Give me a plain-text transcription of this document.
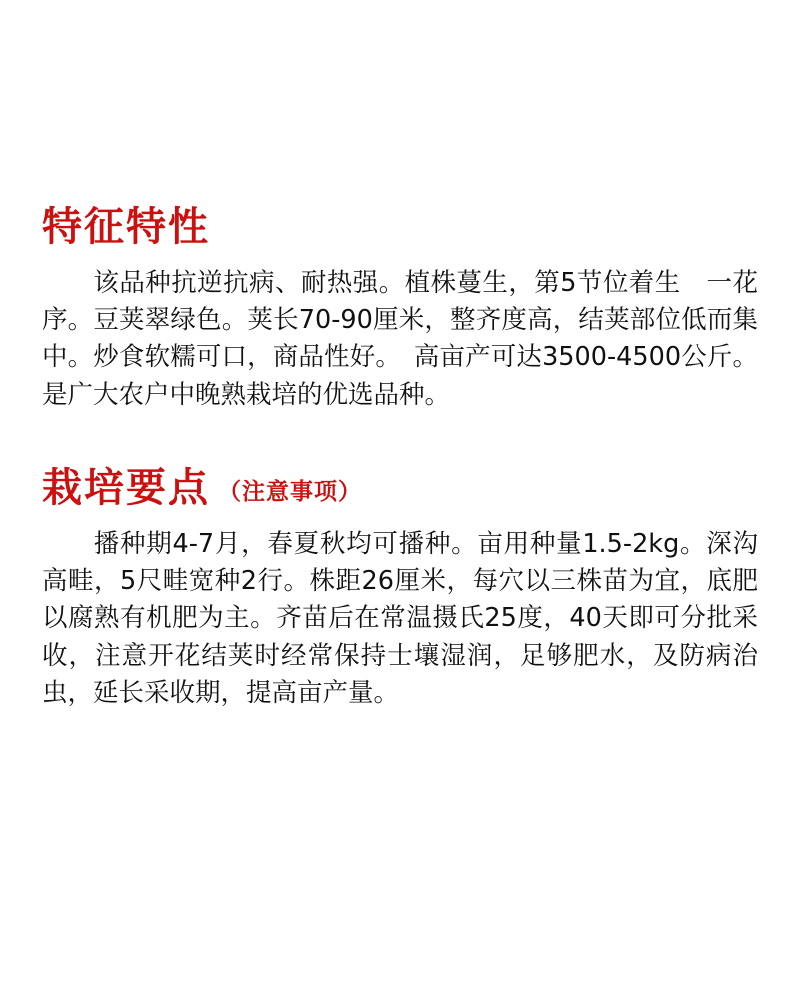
特征特性

该品种抗逆抗病、耐热强。植株蔓生，第5节位着生　一花序。豆荚翠绿色。荚长70-90厘米，整齐度高，结荚部位低而集中。炒食软糯可口，商品性好。　高亩产可达3500-4500公斤。是广大农户中晚熟栽培的优选品种。

栽培要点 （注意事项）

播种期4-7月，春夏秋均可播种。亩用种量1.5-2kg。深沟高畦，5尺畦宽种2行。株距26厘米，每穴以三株苗为宜，底肥以腐熟有机肥为主。齐苗后在常温摄氏25度，40天即可分批采收，注意开花结荚时经常保持士壤湿润，足够肥水，及防病治虫，延长采收期，提高亩产量。
